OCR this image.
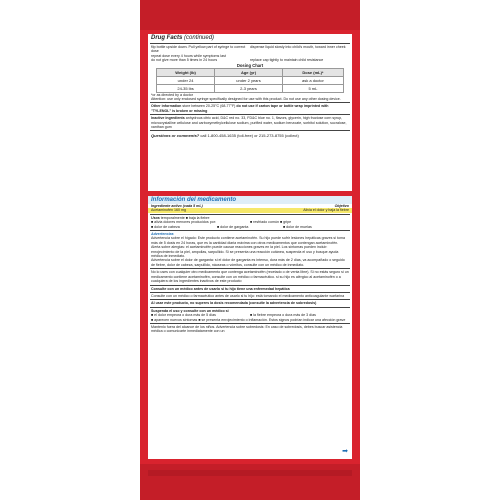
Drug Facts (continued)
flip bottle upside down. Pull yellow part of syringe to correct dose
dispense liquid slowly into child's mouth, toward inner cheek
repeat dose every 4 hours while symptoms last
do not give more than 5 times in 24 hours	replace cap tightly to maintain child resistance
Dosing Chart
Weight (lb)	Age (yr)	Dose (mL)*
under 24	under 2 years	ask a doctor
24-35 lbs	2-3 years	5 mL
*or as directed by a doctor
Attention: use only enclosed syringe specifically designed for use with this product. Do not use any other dosing device.
Other information store between 20-25°C (68-77°F) do not use if carton tape or bottle wrap imprinted with "TYLENOL" is broken or missing
Inactive ingredients anhydrous citric acid, D&C red no. 33, FD&C blue no. 1, flavors, glycerin, high fructose corn syrup, microcrystalline cellulose and carboxymethylcellulose sodium, purified water, sodium benzoate, sorbitol solution, sucralose, xanthan gum
Questions or comments? call 1-800-458-1635 (toll-free) or 215-273-8755 (collect)
Información del medicamento
Ingrediente activo (cada 5 mL)	Objetivo
Acetaminofén 160 mg	Alivia el dolor y baja la fiebre
Usos temporalmente ■ baja la fiebre
■ alivia dolores menores producidos por:	■ resfriado común ■ gripe
■ dolor de cabeza	■ dolor de garganta	■ dolor de muelas
Advertencias
Advertencia sobre el hígado: Este producto contiene acetaminofén. Su hijo puede sufrir lesiones hepáticas graves si toma más de 5 dosis en 24 horas, que es la cantidad diaria máxima con otros medicamentos que contengan acetaminofén.
Alerta sobre alergias: el acetaminofén puede causar reacciones graves en la piel. Los síntomas pueden incluir: enrojecimiento de la piel, ampollas, sarpullido. Si se presenta una reacción cutánea, suspenda el uso y busque ayuda médica de inmediato.
Advertencia sobre el dolor de garganta: si el dolor de garganta es intenso, dura más de 2 días, va acompañado o seguido de fiebre, dolor de cabeza, sarpullido, náuseas o vómitos, consulte con un médico de inmediato.
No lo uses con cualquier otro medicamento que contenga acetaminofén (recetado o de venta libre). Si no estás seguro si un medicamento contiene acetaminofén, consulte con un médico o farmacéutico. si su hijo es alérgico al acetaminofén o a cualquiera de los ingredientes inactivos de este producto
Consulte con un médico antes de usarlo si tu hijo tiene una enfermedad hepática
Consulte con un médico o farmacéutico antes de usarlo si tu hijo: está tomando el medicamento anticoagulante warfarina
Al usar este producto, no superes la dosis recomendada (consulte la advertencia de sobredosis)
Suspenda el uso y consulte con un médico si
■ el dolor empeora o dura más de 5 días	■ la fiebre empeora o dura más de 3 días
■ aparecen nuevos síntomas ■ se presenta enrojecimiento o inflamación. Estos signos podrían indicar una afección grave
Mantenlo fuera del alcance de los niños. Advertencia sobre sobredosis: En caso de sobredosis, debes buscar asistencia médica o comunicarte inmediatamente con un
➡
